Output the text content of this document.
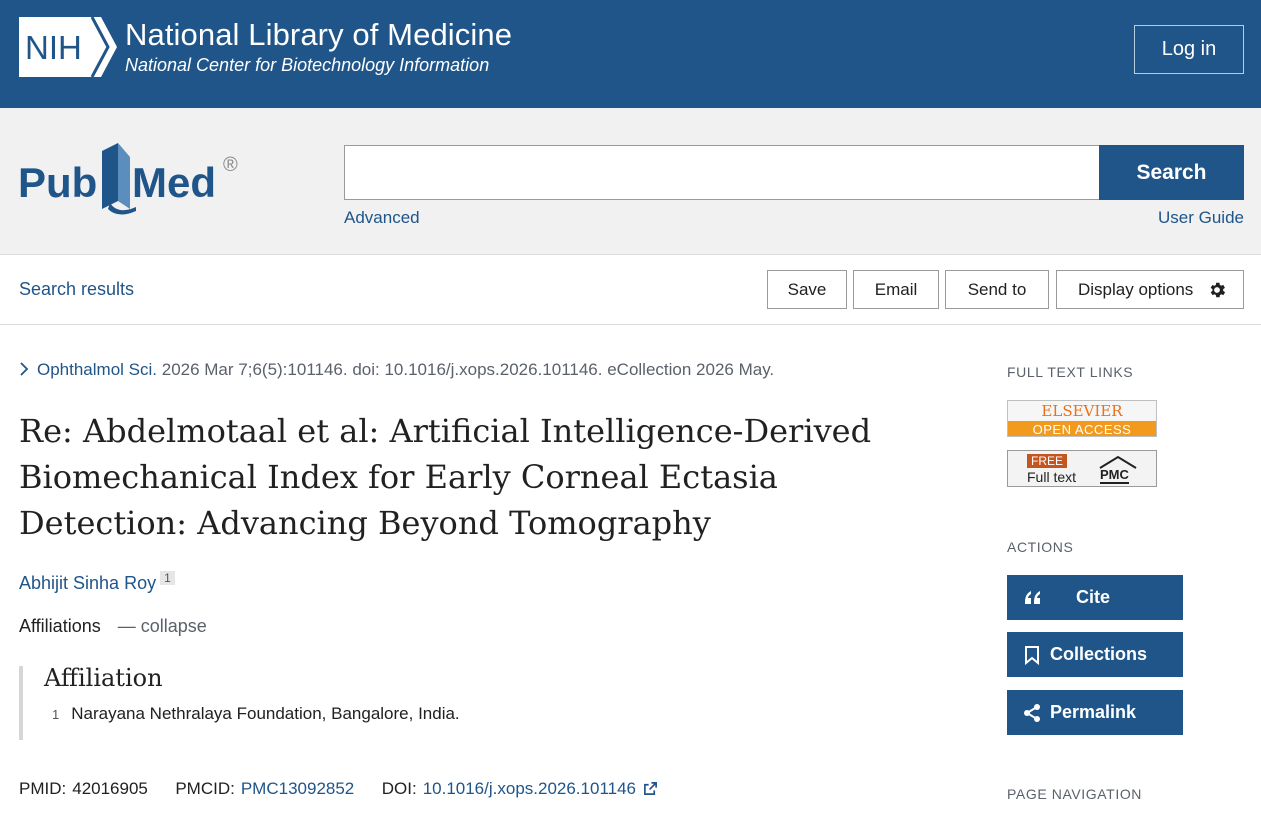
NIH National Library of Medicine
National Center for Biotechnology Information
Log in
Pub Med ®	Search
Advanced	User Guide
Search results	Save	Email	Send to	Display options
Ophthalmol Sci. 2026 Mar 7;6(5):101146. doi: 10.1016/j.xops.2026.101146. eCollection 2026 May.
Re: Abdelmotaal et al: Artificial Intelligence-Derived Biomechanical Index for Early Corneal Ectasia Detection: Advancing Beyond Tomography
Abhijit Sinha Roy 1
Affiliations — collapse
Affiliation
1 Narayana Nethralaya Foundation, Bangalore, India.
PMID: 42016905 PMCID: PMC13092852 DOI: 10.1016/j.xops.2026.101146
FULL TEXT LINKS
ELSEVIER
OPEN ACCESS
FREE
Full text PMC
ACTIONS
Cite
Collections
Permalink
PAGE NAVIGATION
